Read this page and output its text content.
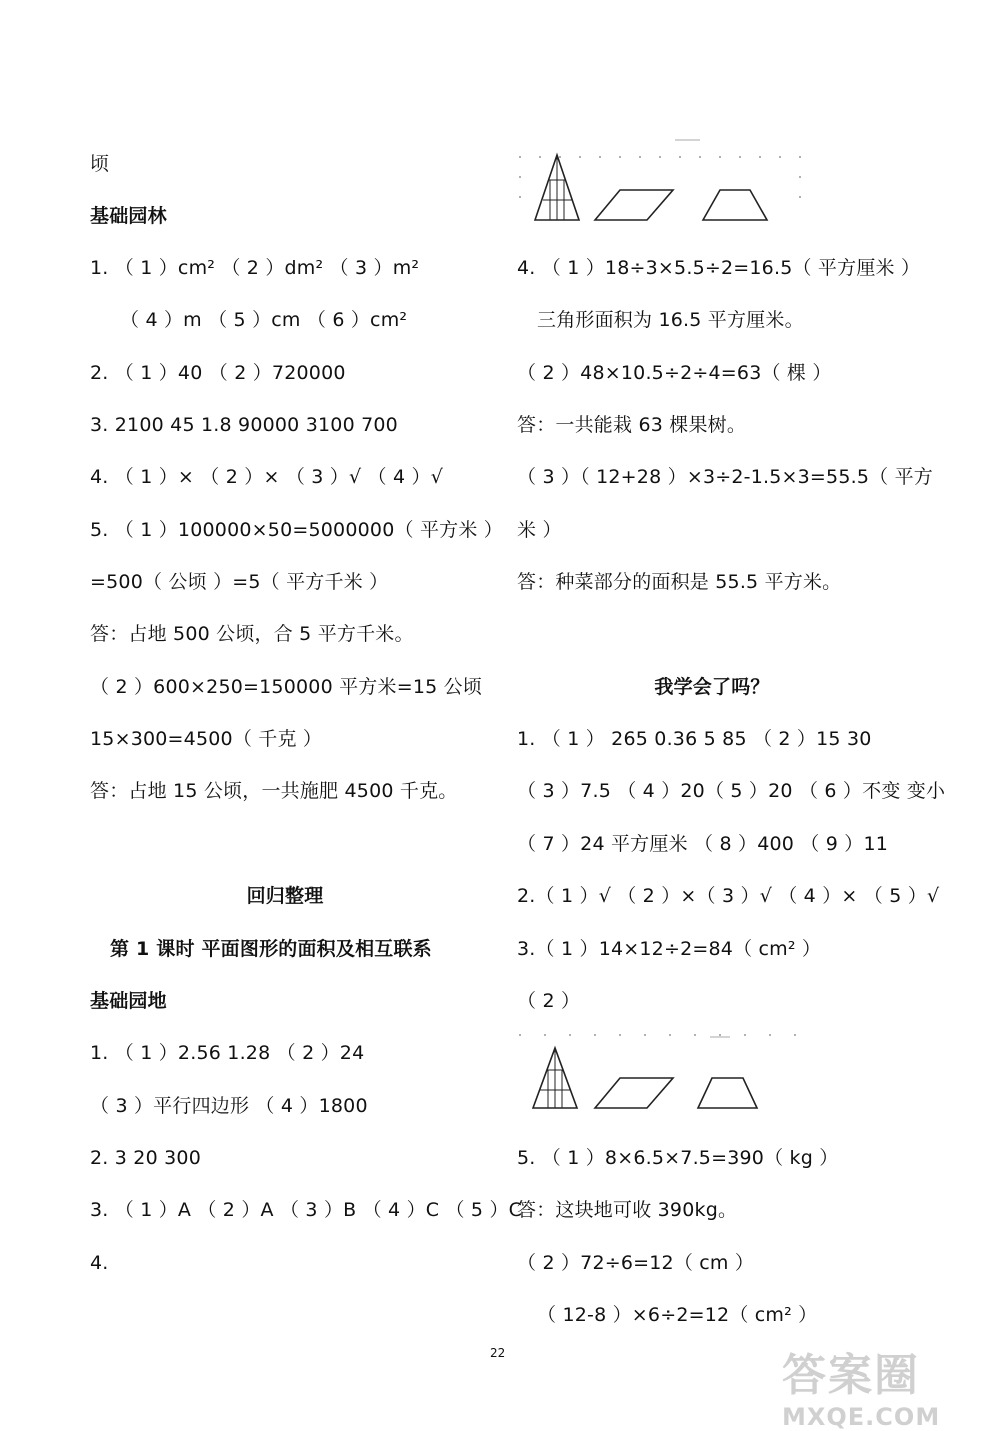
顷
基础园林
1. （ 1 ）cm² （ 2 ）dm² （ 3 ）m²
（ 4 ）m （ 5 ）cm （ 6 ）cm²
2. （ 1 ）40 （ 2 ）720000
3. 2100 45 1.8 90000 3100 700
4. （ 1 ）× （ 2 ）× （ 3 ）√ （ 4 ）√
5. （ 1 ）100000×50=5000000（ 平方米 ）
=500（ 公顷 ）=5（ 平方千米 ）
答：占地 500 公顷，合 5 平方千米。
（ 2 ）600×250=150000 平方米=15 公顷
15×300=4500（ 千克 ）
答：占地 15 公顷，一共施肥 4500 千克。
回归整理
第 1 课时 平面图形的面积及相互联系
基础园地
1. （ 1 ）2.56 1.28 （ 2 ）24
（ 3 ）平行四边形 （ 4 ）1800
2. 3 20 300
3. （ 1 ）A （ 2 ）A （ 3 ）B （ 4 ）C （ 5 ）C
4.
4. （ 1 ）18÷3×5.5÷2=16.5（ 平方厘米 ）
三角形面积为 16.5 平方厘米。
（ 2 ）48×10.5÷2÷4=63（ 棵 ）
答：一共能栽 63 棵果树。
（ 3 ）（ 12+28 ）×3÷2-1.5×3=55.5（ 平方
米 ）
答：种菜部分的面积是 55.5 平方米。
我学会了吗？
1. （ 1 ） 265 0.36 5 85 （ 2 ）15 30
（ 3 ）7.5 （ 4 ）20（ 5 ）20 （ 6 ）不变 变小
（ 7 ）24 平方厘米 （ 8 ）400 （ 9 ）11
2.（ 1 ）√ （ 2 ）×（ 3 ）√ （ 4 ）× （ 5 ）√
3.（ 1 ）14×12÷2=84（ cm² ）
（ 2 ）
5. （ 1 ）8×6.5×7.5=390（ kg ）
答：这块地可收 390kg。
（ 2 ）72÷6=12（ cm ）
（ 12-8 ）×6÷2=12（ cm² ）
22	答案圈
MXQE.COM
